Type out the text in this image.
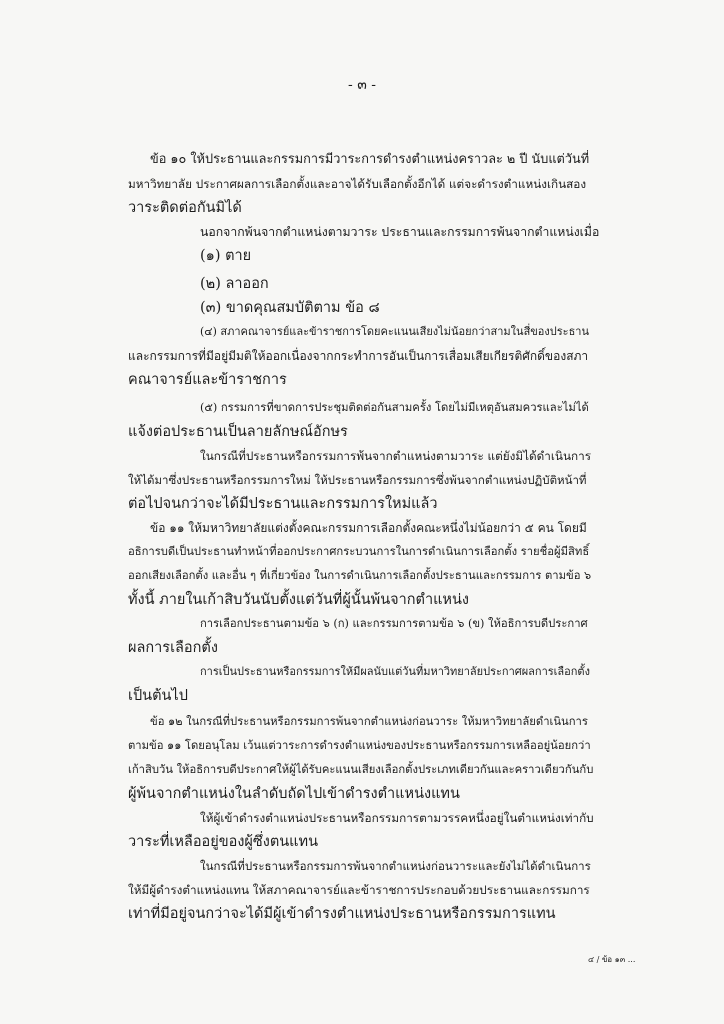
- ๓ -
ข้อ ๑๐ ให้ประธานและกรรมการมีวาระการดำรงตำแหน่งคราวละ ๒ ปี นับแต่วันที่
มหาวิทยาลัย ประกาศผลการเลือกตั้งและอาจได้รับเลือกตั้งอีกได้ แต่จะดำรงตำแหน่งเกินสอง
วาระติดต่อกันมิได้
นอกจากพ้นจากตำแหน่งตามวาระ ประธานและกรรมการพ้นจากตำแหน่งเมื่อ
(๑) ตาย
(๒) ลาออก
(๓) ขาดคุณสมบัติตาม ข้อ ๘
(๔) สภาคณาจารย์และข้าราชการโดยคะแนนเสียงไม่น้อยกว่าสามในสี่ของประธาน
และกรรมการที่มีอยู่มีมติให้ออกเนื่องจากกระทำการอันเป็นการเสื่อมเสียเกียรติศักดิ์ของสภา
คณาจารย์และข้าราชการ
(๕) กรรมการที่ขาดการประชุมติดต่อกันสามครั้ง โดยไม่มีเหตุอันสมควรและไม่ได้
แจ้งต่อประธานเป็นลายลักษณ์อักษร
ในกรณีที่ประธานหรือกรรมการพ้นจากตำแหน่งตามวาระ แต่ยังมิได้ดำเนินการ
ให้ได้มาซึ่งประธานหรือกรรมการใหม่ ให้ประธานหรือกรรมการซึ่งพ้นจากตำแหน่งปฏิบัติหน้าที่
ต่อไปจนกว่าจะได้มีประธานและกรรมการใหม่แล้ว
ข้อ ๑๑ ให้มหาวิทยาลัยแต่งตั้งคณะกรรมการเลือกตั้งคณะหนึ่งไม่น้อยกว่า ๕ คน โดยมี
อธิการบดีเป็นประธานทำหน้าที่ออกประกาศกระบวนการในการดำเนินการเลือกตั้ง รายชื่อผู้มีสิทธิ์
ออกเสียงเลือกตั้ง และอื่น ๆ ที่เกี่ยวข้อง ในการดำเนินการเลือกตั้งประธานและกรรมการ ตามข้อ ๖
ทั้งนี้ ภายในเก้าสิบวันนับตั้งแต่วันที่ผู้นั้นพ้นจากตำแหน่ง
การเลือกประธานตามข้อ ๖ (ก) และกรรมการตามข้อ ๖ (ข) ให้อธิการบดีประกาศ
ผลการเลือกตั้ง
การเป็นประธานหรือกรรมการให้มีผลนับแต่วันที่มหาวิทยาลัยประกาศผลการเลือกตั้ง
เป็นต้นไป
ข้อ ๑๒ ในกรณีที่ประธานหรือกรรมการพ้นจากตำแหน่งก่อนวาระ ให้มหาวิทยาลัยดำเนินการ
ตามข้อ ๑๑ โดยอนุโลม เว้นแต่วาระการดำรงตำแหน่งของประธานหรือกรรมการเหลืออยู่น้อยกว่า
เก้าสิบวัน ให้อธิการบดีประกาศให้ผู้ได้รับคะแนนเสียงเลือกตั้งประเภทเดียวกันและคราวเดียวกันกับ
ผู้พ้นจากตำแหน่งในลำดับถัดไปเข้าดำรงตำแหน่งแทน
ให้ผู้เข้าดำรงตำแหน่งประธานหรือกรรมการตามวรรคหนึ่งอยู่ในตำแหน่งเท่ากับ
วาระที่เหลืออยู่ของผู้ซึ่งตนแทน
ในกรณีที่ประธานหรือกรรมการพ้นจากตำแหน่งก่อนวาระและยังไม่ได้ดำเนินการ
ให้มีผู้ดำรงตำแหน่งแทน ให้สภาคณาจารย์และข้าราชการประกอบด้วยประธานและกรรมการ
เท่าที่มีอยู่จนกว่าจะได้มีผู้เข้าดำรงตำแหน่งประธานหรือกรรมการแทน
๔ / ข้อ ๑๓ ...
